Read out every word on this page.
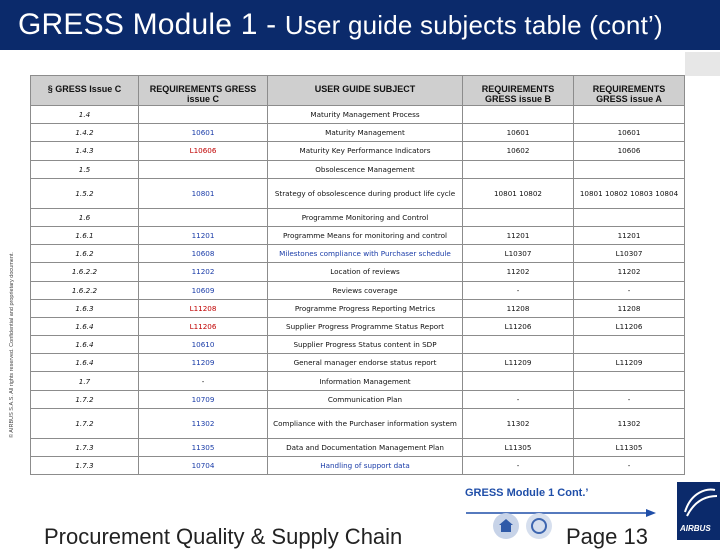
GRESS Module 1 - User guide subjects table (cont’)
© AIRBUS S.A.S. All rights reserved. Confidential and proprietary document.
§ GRESS Issue C	REQUIREMENTS GRESS issue C	USER GUIDE SUBJECT	REQUIREMENTS GRESS issue B	REQUIREMENTS GRESS issue A
1.4		Maturity Management Process		
1.4.2	10601	Maturity Management	10601	10601
1.4.3	L10606	Maturity Key Performance Indicators	10602	10606
1.5		Obsolescence Management		
1.5.2	10801	Strategy of obsolescence during product life cycle	10801 10802	10801 10802 10803 10804
1.6		Programme Monitoring and Control		
1.6.1	11201	Programme Means for monitoring and control	11201	11201
1.6.2	10608	Milestones compliance with Purchaser schedule	L10307	L10307
1.6.2.2	11202	Location of reviews	11202	11202
1.6.2.2	10609	Reviews coverage	-	-
1.6.3	L11208	Programme Progress Reporting Metrics	11208	11208
1.6.4	L11206	Supplier Progress Programme Status Report	L11206	L11206
1.6.4	10610	Supplier Progress Status content in SDP		
1.6.4	11209	General manager endorse status report	L11209	L11209
1.7	-	Information Management		
1.7.2	10709	Communication Plan	-	-
1.7.2	11302	Compliance with the Purchaser information system	11302	11302
1.7.3	11305	Data and Documentation Management Plan	L11305	L11305
1.7.3	10704	Handling of support data	-	-
GRESS Module 1 Cont.’
Procurement Quality & Supply Chain	Page 13	AIRBUS
